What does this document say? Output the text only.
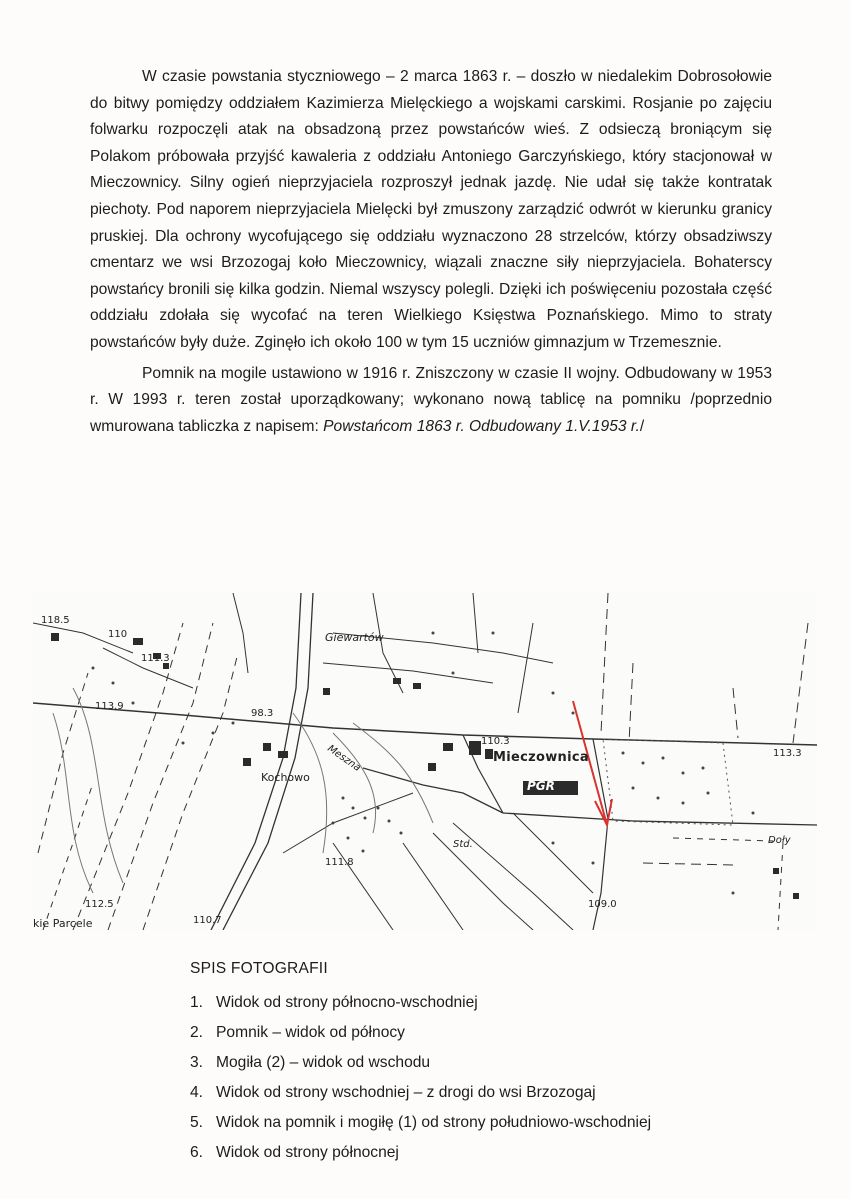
W czasie powstania styczniowego – 2 marca 1863 r. – doszło w niedalekim Dobrosołowie do bitwy pomiędzy oddziałem Kazimierza Mielęckiego a wojskami carskimi. Rosjanie po zajęciu folwarku rozpoczęli atak na obsadzoną przez powstańców wieś. Z odsieczą broniącym się Polakom próbowała przyjść kawaleria z oddziału Antoniego Garczyńskiego, który stacjonował w Mieczownicy. Silny ogień nieprzyjaciela rozproszył jednak jazdę. Nie udał się także kontratak piechoty. Pod naporem nieprzyjaciela Mielęcki był zmuszony zarządzić odwrót w kierunku granicy pruskiej. Dla ochrony wycofującego się oddziału wyznaczono 28 strzelców, którzy obsadziwszy cmentarz we wsi Brzozogaj koło Mieczownicy, wiązali znaczne siły nieprzyjaciela. Bohaterscy powstańcy bronili się kilka godzin. Niemal wszyscy polegli. Dzięki ich poświęceniu pozostała część oddziału zdołała się wycofać na teren Wielkiego Księstwa Poznańskiego. Mimo to straty powstańców były duże. Zginęło ich około 100 w tym 15 uczniów gimnazjum w Trzemesznie.

Pomnik na mogile ustawiono w 1916 r. Zniszczony w czasie II wojny. Odbudowany w 1953 r. W 1993 r. teren został uporządkowany; wykonano nową tablicę na pomniku /poprzednio wmurowana tabliczka z napisem: Powstańcom 1863 r. Odbudowany 1.V.1953 r./

118.5
110
111.3
113.9
Giewartów
98.3
Mieczownica
110.3
113.3
Kochowo
Meszna
PGR
Std.
111.8
Doły
112.5
110.7
109.0
kie Parcele
SPIS FOTOGRAFII
1. Widok od strony północno-wschodniej
2. Pomnik – widok od północy
3. Mogiła (2) – widok od wschodu
4. Widok od strony wschodniej – z drogi do wsi Brzozogaj
5. Widok na pomnik i mogiłę (1) od strony południowo-wschodniej
6. Widok od strony północnej
